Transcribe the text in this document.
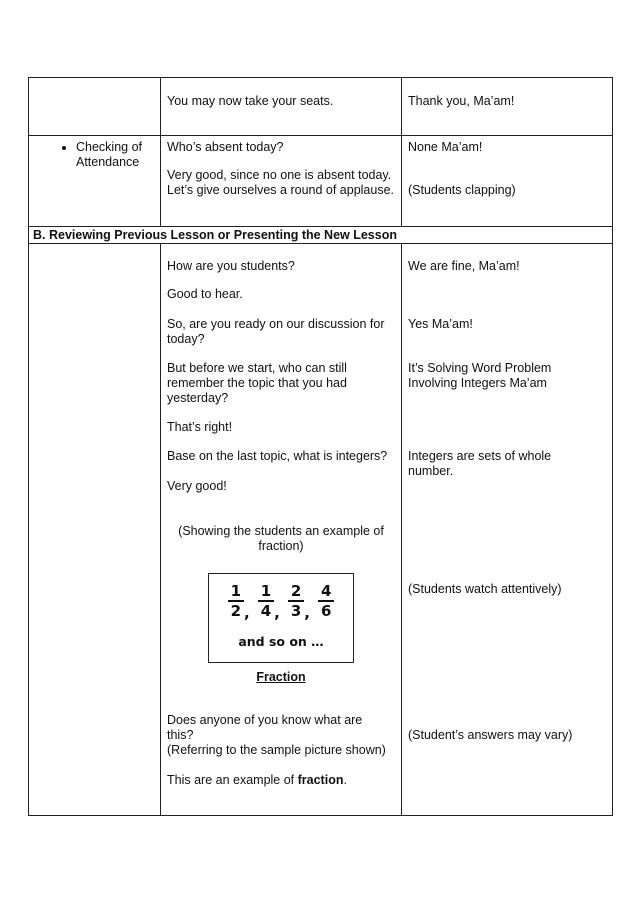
You may now take your seats.	Thank you, Ma’am!
Checking of
Attendance
Who’s absent today?
Very good, since no one is absent today.
Let’s give ourselves a round of applause.
None Ma’am!
(Students clapping)
B. Reviewing Previous Lesson or Presenting the New Lesson
How are you students?
Good to hear.
So, are you ready on our discussion for
today?
But before we start, who can still
remember the topic that you had
yesterday?
That’s right!
Base on the last topic, what is integers?
Very good!
(Showing the students an example of
fraction)
$\frac{1}{2}$ , $\frac{1}{4}$ , $\frac{2}{3}$ , $\frac{4}{6}$
and so on …
Fraction
Does anyone of you know what are
this?
(Referring to the sample picture shown)
This are an example of fraction.
We are fine, Ma’am!
Yes Ma’am!
It’s Solving Word Problem
Involving Integers Ma’am
Integers are sets of whole
number.
(Students watch attentively)
(Student’s answers may vary)
